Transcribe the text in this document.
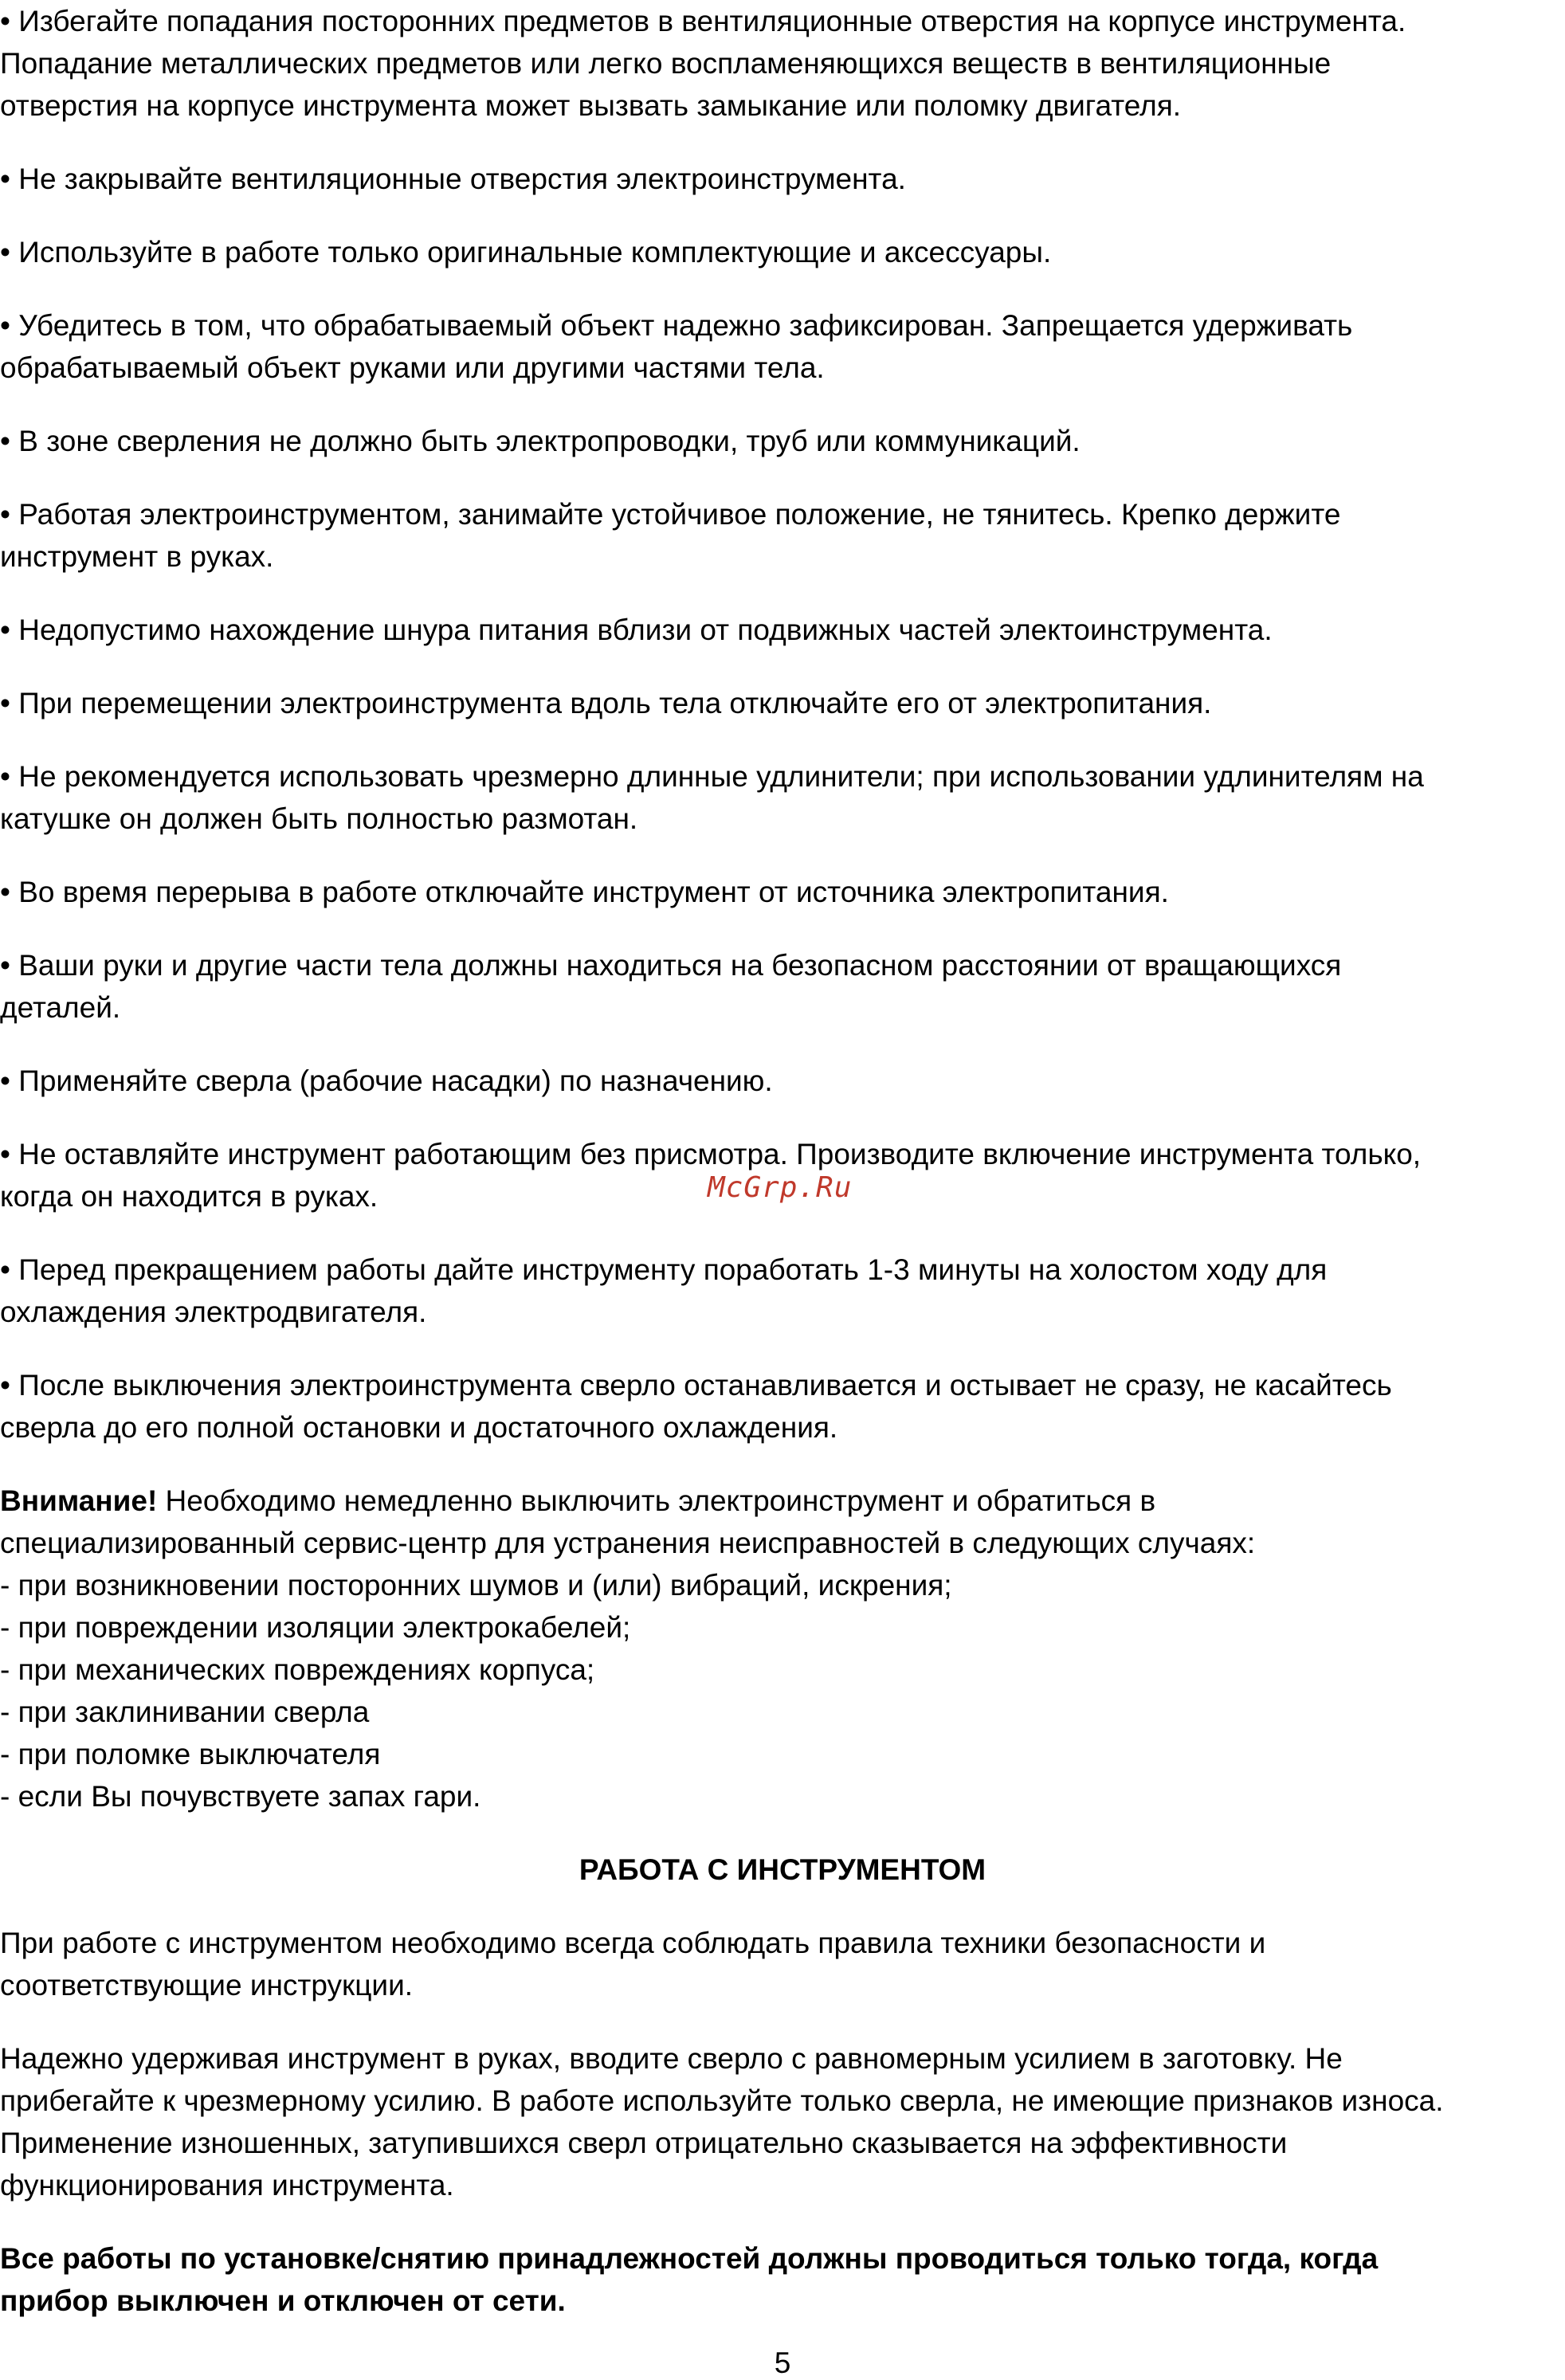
• Избегайте попадания посторонних предметов в вентиляционные отверстия на корпусе инструмента.
Попадание металлических предметов или легко воспламеняющихся веществ в вентиляционные
отверстия на корпусе инструмента может вызвать замыкание или поломку двигателя.
• Не закрывайте вентиляционные отверстия электроинструмента.
• Используйте в работе только оригинальные комплектующие и аксессуары.
• Убедитесь в том, что обрабатываемый объект надежно зафиксирован. Запрещается удерживать
обрабатываемый объект руками или другими частями тела.
• В зоне сверления не должно быть электропроводки, труб или коммуникаций.
• Работая электроинструментом, занимайте устойчивое положение, не тянитесь. Крепко держите
инструмент в руках.
• Недопустимо нахождение шнура питания вблизи от подвижных частей электоинструмента.
• При перемещении электроинструмента вдоль тела отключайте его от электропитания.
• Не рекомендуется использовать чрезмерно длинные удлинители; при использовании удлинителям на
катушке он должен быть полностью размотан.
• Во время перерыва в работе отключайте инструмент от источника электропитания.
• Ваши руки и другие части тела должны находиться на безопасном расстоянии от вращающихся
деталей.
• Применяйте сверла (рабочие насадки) по назначению.
• Не оставляйте инструмент работающим без присмотра. Производите включение инструмента только,
когда он находится в руках.
• Перед прекращением работы дайте инструменту поработать 1-3 минуты на холостом ходу для
охлаждения электродвигателя.
• После выключения электроинструмента сверло останавливается и остывает не сразу, не касайтесь
сверла до его полной остановки и достаточного охлаждения.
Внимание! Необходимо немедленно выключить электроинструмент и обратиться в
специализированный сервис-центр для устранения неисправностей в следующих случаях:
- при возникновении посторонних шумов и (или) вибраций, искрения;
- при повреждении изоляции электрокабелей;
- при механических повреждениях корпуса;
- при заклинивании сверла
- при поломке выключателя
- если Вы почувствуете запах гари.
РАБОТА С ИНСТРУМЕНТОМ
При работе с инструментом необходимо всегда соблюдать правила техники безопасности и
соответствующие инструкции.
Надежно удерживая инструмент в руках, вводите сверло с равномерным усилием в заготовку. Не
прибегайте к чрезмерному усилию. В работе используйте только сверла, не имеющие признаков износа.
Применение изношенных, затупившихся сверл отрицательно сказывается на эффективности
функционирования инструмента.
Все работы по установке/снятию принадлежностей должны проводиться только тогда, когда
прибор выключен и отключен от сети.
McGrp.Ru
5
